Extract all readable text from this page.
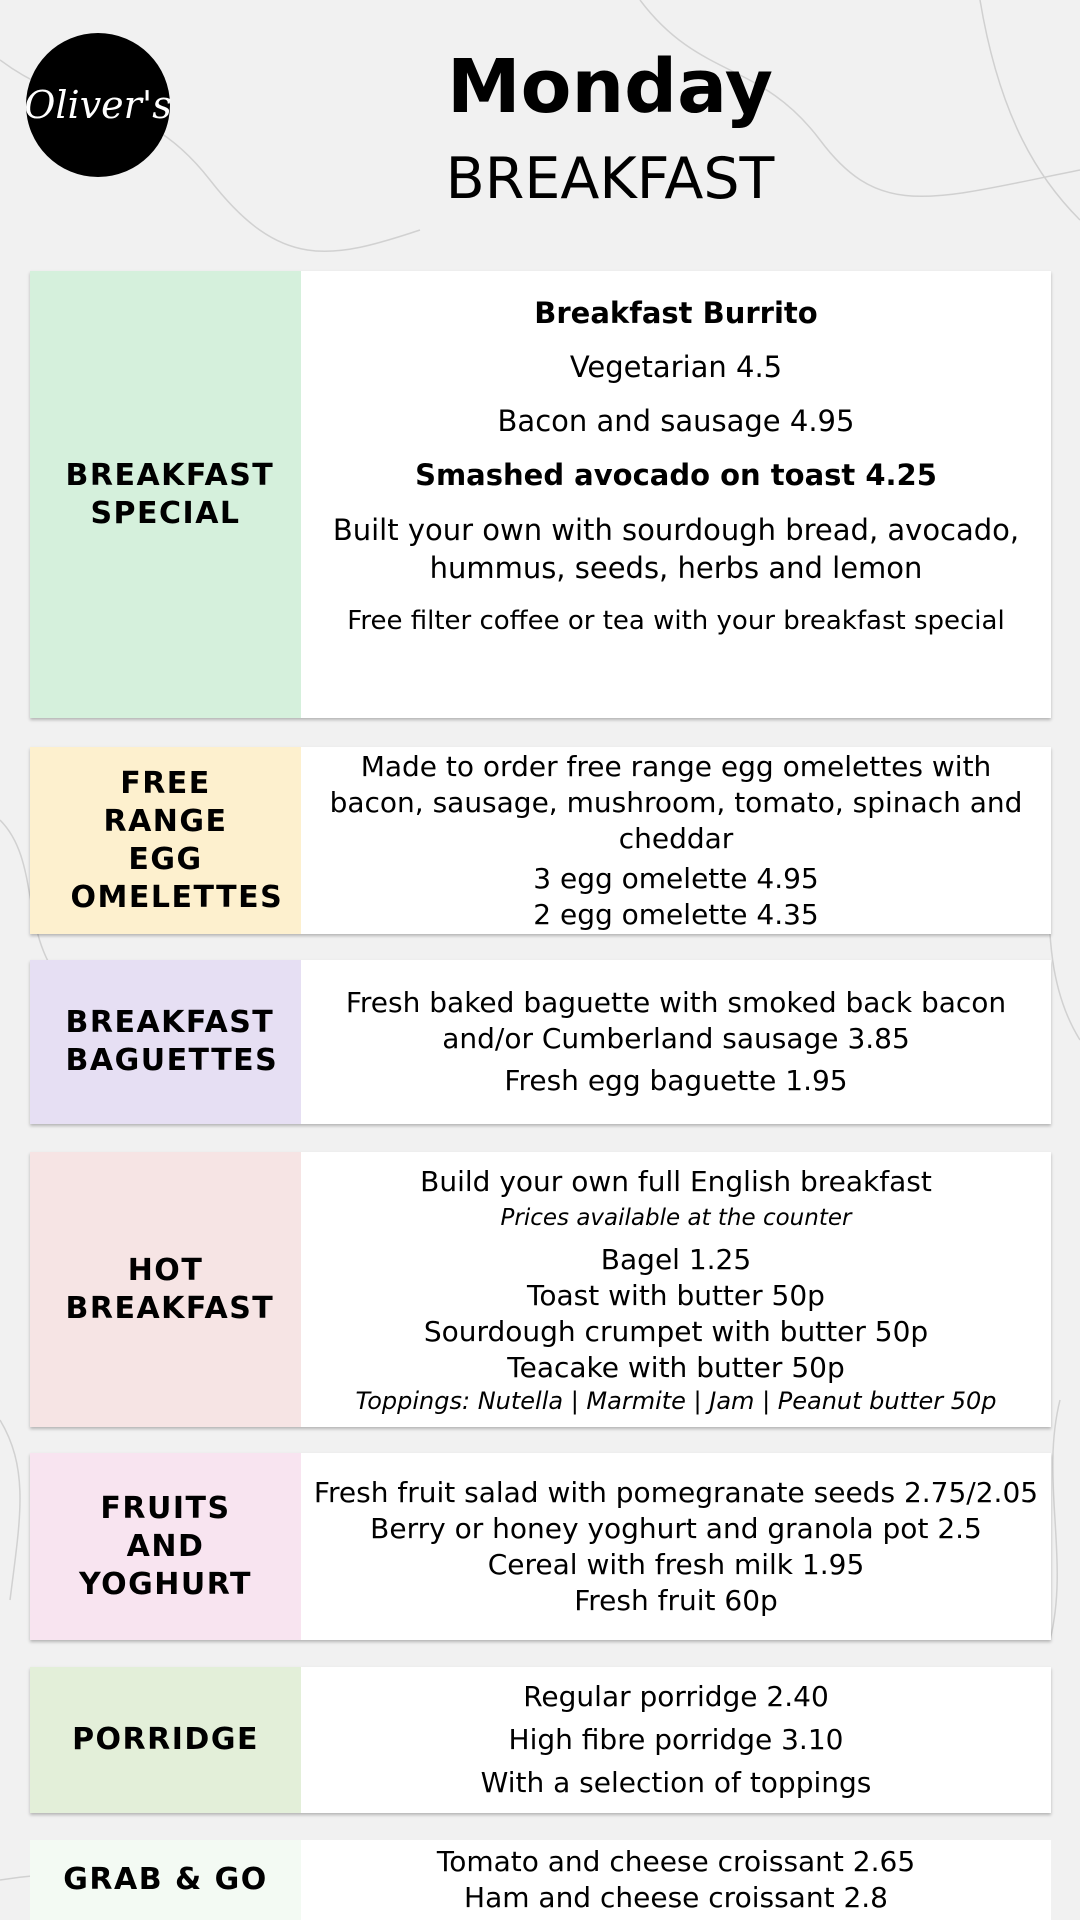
Oliver's	Monday
BREAKFAST
BREAKFAST SPECIAL
Breakfast Burrito
Vegetarian 4.5
Bacon and sausage 4.95
Smashed avocado on toast 4.25
Built your own with sourdough bread, avocado, hummus, seeds, herbs and lemon
Free filter coffee or tea with your breakfast special
FREE RANGE EGG OMELETTES
Made to order free range egg omelettes with bacon, sausage, mushroom, tomato, spinach and cheddar
3 egg omelette 4.95
2 egg omelette 4.35
BREAKFAST BAGUETTES
Fresh baked baguette with smoked back bacon and/or Cumberland sausage 3.85
Fresh egg baguette 1.95
HOT BREAKFAST
Build your own full English breakfast
Prices available at the counter
Bagel 1.25
Toast with butter 50p
Sourdough crumpet with butter 50p
Teacake with butter 50p
Toppings: Nutella | Marmite | Jam | Peanut butter 50p
FRUITS AND YOGHURT
Fresh fruit salad with pomegranate seeds 2.75/2.05
Berry or honey yoghurt and granola pot 2.5
Cereal with fresh milk 1.95
Fresh fruit 60p
PORRIDGE
Regular porridge 2.40
High fibre porridge 3.10
With a selection of toppings
GRAB & GO
Tomato and cheese croissant 2.65
Ham and cheese croissant 2.8
